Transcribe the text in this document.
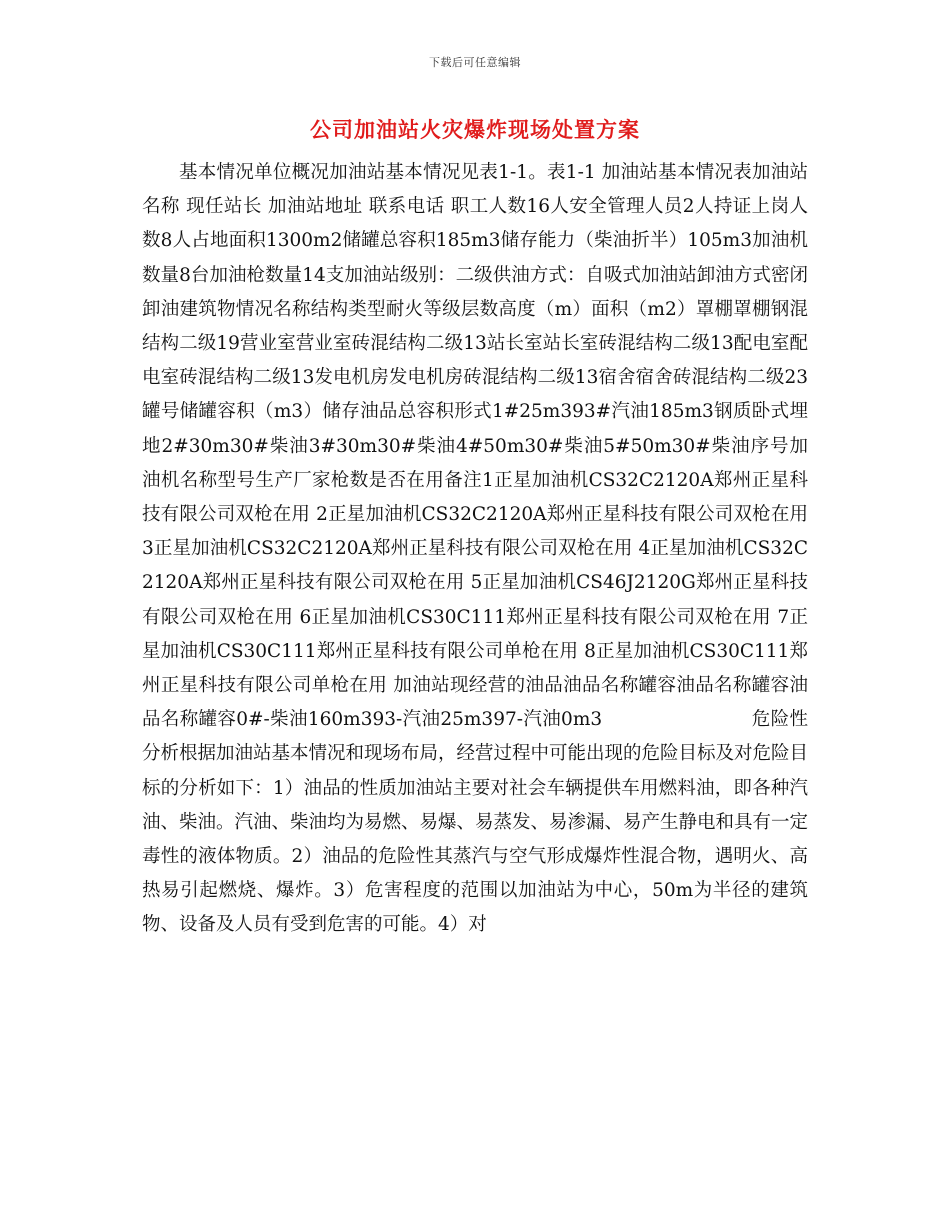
下载后可任意编辑
公司加油站火灾爆炸现场处置方案

基本情况单位概况加油站基本情况见表1-1。表1-1 加油站基本情况表加油站名称 现任站长 加油站地址 联系电话 职工人数16人安全管理人员2人持证上岗人数8人占地面积1300m2储罐总容积185m3储存能力（柴油折半）105m3加油机数量8台加油枪数量14支加油站级别：二级供油方式：自吸式加油站卸油方式密闭卸油建筑物情况名称结构类型耐火等级层数高度（m）面积（m2）罩棚罩棚钢混结构二级19营业室营业室砖混结构二级13站长室站长室砖混结构二级13配电室配电室砖混结构二级13发电机房发电机房砖混结构二级13宿舍宿舍砖混结构二级23罐号储罐容积（m3）储存油品总容积形式1#25m393#汽油185m3钢质卧式埋地2#30m30#柴油3#30m30#柴油4#50m30#柴油5#50m30#柴油序号加油机名称型号生产厂家枪数是否在用备注1正星加油机CS32C2120A郑州正星科技有限公司双枪在用 2正星加油机CS32C2120A郑州正星科技有限公司双枪在用 3正星加油机CS32C2120A郑州正星科技有限公司双枪在用 4正星加油机CS32C2120A郑州正星科技有限公司双枪在用 5正星加油机CS46J2120G郑州正星科技有限公司双枪在用 6正星加油机CS30C111郑州正星科技有限公司双枪在用 7正星加油机CS30C111郑州正星科技有限公司单枪在用 8正星加油机CS30C111郑州正星科技有限公司单枪在用 加油站现经营的油品油品名称罐容油品名称罐容油品名称罐容0#-柴油160m393-汽油25m397-汽油0m3                        危险性分析根据加油站基本情况和现场布局，经营过程中可能出现的危险目标及对危险目标的分析如下：1）油品的性质加油站主要对社会车辆提供车用燃料油，即各种汽油、柴油。汽油、柴油均为易燃、易爆、易蒸发、易渗漏、易产生静电和具有一定毒性的液体物质。2）油品的危险性其蒸汽与空气形成爆炸性混合物，遇明火、高热易引起燃烧、爆炸。3）危害程度的范围以加油站为中心，50m为半径的建筑物、设备及人员有受到危害的可能。4）对
